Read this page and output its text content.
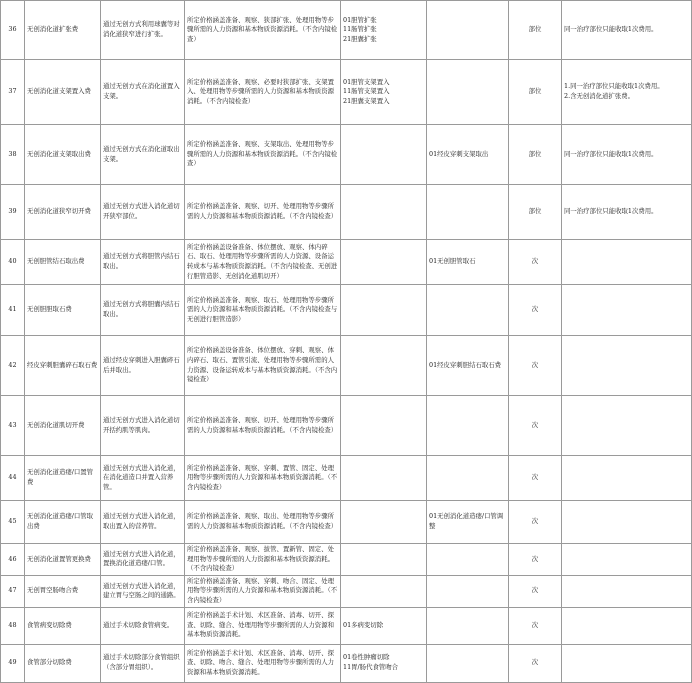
36	无创消化道扩张费	通过无创方式利用球囊等对消化道狭窄进行扩张。	所定价格涵盖准备、观察、狭部扩张、处理用物等步骤所需的人力资源和基本物质资源消耗。（不含内镜检查）	01胆管扩张
11肠管扩张
21胆囊扩张		部位	同一治疗部位只能收取1次费用。

37	无创消化道支架置入费	通过无创方式在消化道置入支架。	所定价格涵盖准备、观察、必要时狭部扩张、支架置入、处理用物等步骤所需的人力资源和基本物质资源消耗。（不含内镜检查）	01胆管支架置入
11肠管支架置入
21胆囊支架置入		部位	1.同一治疗部位只能收取1次费用。
2.含无创消化道扩张费。

38	无创消化道支架取出费	通过无创方式在消化道取出支架。	所定价格涵盖准备、观察、支架取出、处理用物等步骤所需的人力资源和基本物质资源消耗。（不含内镜检查）		01经皮穿刺支架取出	部位	同一治疗部位只能收取1次费用。

39	无创消化道狭窄切开费	通过无创方式进入消化道切开狭窄部位。	所定价格涵盖准备、观察、切开、处理用物等步骤所需的人力资源和基本物质资源消耗。（不含内镜检查）			部位	同一治疗部位只能收取1次费用。

40	无创胆管结石取出费	通过无创方式将胆管内结石取出。	所定价格涵盖设备准备、体位摆放、观察、体内碎石、取石、处理用物等步骤所需的人力资源、设备运转成本与基本物质资源消耗。（不含内镜检查、无创进行胆管造影、无创消化道肌切开）		01无创胆管取石	次	
41	无创胆胆取石费	通过无创方式将胆囊内结石取出。	所定价格涵盖准备、观察、取石、处理用物等步骤所需的人力资源和基本物质资源消耗。（不含内镜检查与无创进行胆管造影）			次	
42	经皮穿刺胆囊碎石取石费	通过经皮穿刺进入胆囊碎石后并取出。	所定价格涵盖设备准备、体位摆放、穿刺、观察、体内碎石、取石、置管引流、处理用物等步骤所需的人力资源、设备运转成本与基本物质资源消耗。（不含内镜检查）		01经皮穿刺胆结石取石费	次	
43	无创消化道肌切开费	通过无创方式进入消化道切开括约肌等肌肉。	所定价格涵盖准备、观察、切开、处理用物等步骤所需的人力资源和基本物质资源消耗。（不含内镜检查）			次	
44	无创消化道造瘘/口置管费	通过无创方式进入消化道，在消化道造口并置入营养管。	所定价格涵盖准备、观察、穿刺、置管、固定、处理用物等步骤所需的人力资源和基本物质资源消耗。（不含内镜检查）			次	
45	无创消化道造瘘/口管取出费	通过无创方式进入消化道，取出置入的营养管。	所定价格涵盖准备、观察、取出、处理用物等步骤所需的人力资源和基本物质资源消耗。（不含内镜检查）		01无创消化道造瘘/口管调整	次	
46	无创消化道置管更换费	通过无创方式进入消化道，置换消化道造瘘/口管。	所定价格涵盖准备、观察、拔管、置新管、固定、处理用物等步骤所需的人力资源和基本物质资源消耗。（不含内镜检查）			次	
47	无创胃空肠吻合费	通过无创方式进入消化道，建立胃与空肠之间的通路。	所定价格涵盖准备、观察、穿刺、吻合、固定、处理用物等步骤所需的人力资源和基本物质资源消耗。（不含内镜检查）			次	
48	食管病变切除费	通过手术切除食管病变。	所定价格涵盖手术计划、术区准备、消毒、切开、探查、切除、缝合、处理用物等步骤所需的人力资源和基本物质资源消耗。	01多病变切除		次	
49	食管部分切除费	通过手术切除部分食管组织（含部分胃组织）。	所定价格涵盖手术计划、术区准备、消毒、切开、探查、切除、吻合、缝合、处理用物等步骤所需的人力资源和基本物质资源消耗。	01卷性肿瘤切除
11胃/肠代食管吻合		次	
